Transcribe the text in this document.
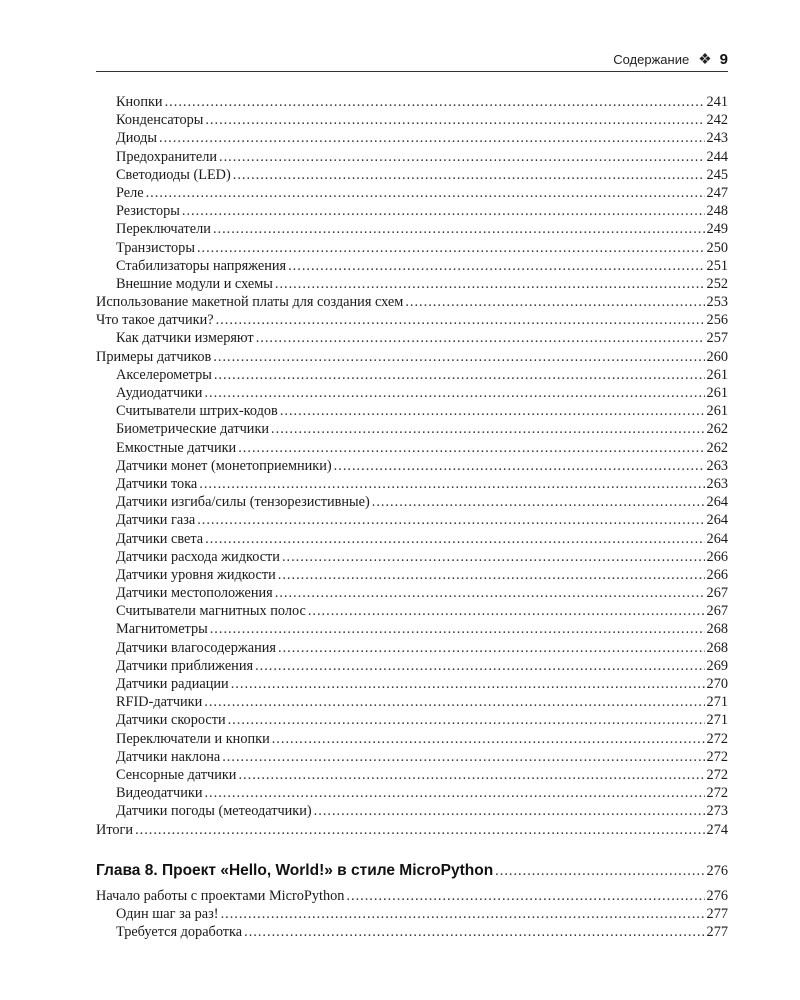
Содержание ❖ 9
Кнопки .....	241
Конденсаторы .....	242
Диоды .....	243
Предохранители .....	244
Светодиоды (LED) .....	245
Реле .....	247
Резисторы .....	248
Переключатели .....	249
Транзисторы .....	250
Стабилизаторы напряжения .....	251
Внешние модули и схемы .....	252
Использование макетной платы для создания схем .....	253
Что такое датчики? .....	256
Как датчики измеряют .....	257
Примеры датчиков .....	260
Акселерометры .....	261
Аудиодатчики .....	261
Считыватели штрих-кодов .....	261
Биометрические датчики .....	262
Емкостные датчики .....	262
Датчики монет (монетоприемники) .....	263
Датчики тока .....	263
Датчики изгиба/силы (тензорезистивные) .....	264
Датчики газа .....	264
Датчики света .....	264
Датчики расхода жидкости .....	266
Датчики уровня жидкости .....	266
Датчики местоположения .....	267
Считыватели магнитных полос .....	267
Магнитометры .....	268
Датчики влагосодержания .....	268
Датчики приближения .....	269
Датчики радиации .....	270
RFID-датчики .....	271
Датчики скорости .....	271
Переключатели и кнопки .....	272
Датчики наклона .....	272
Сенсорные датчики .....	272
Видеодатчики .....	272
Датчики погоды (метеодатчики) .....	273
Итоги .....	274
Глава 8. Проект «Hello, World!» в стиле MicroPython .....	276
Начало работы с проектами MicroPython .....	276
Один шаг за раз! .....	277
Требуется доработка .....	277
